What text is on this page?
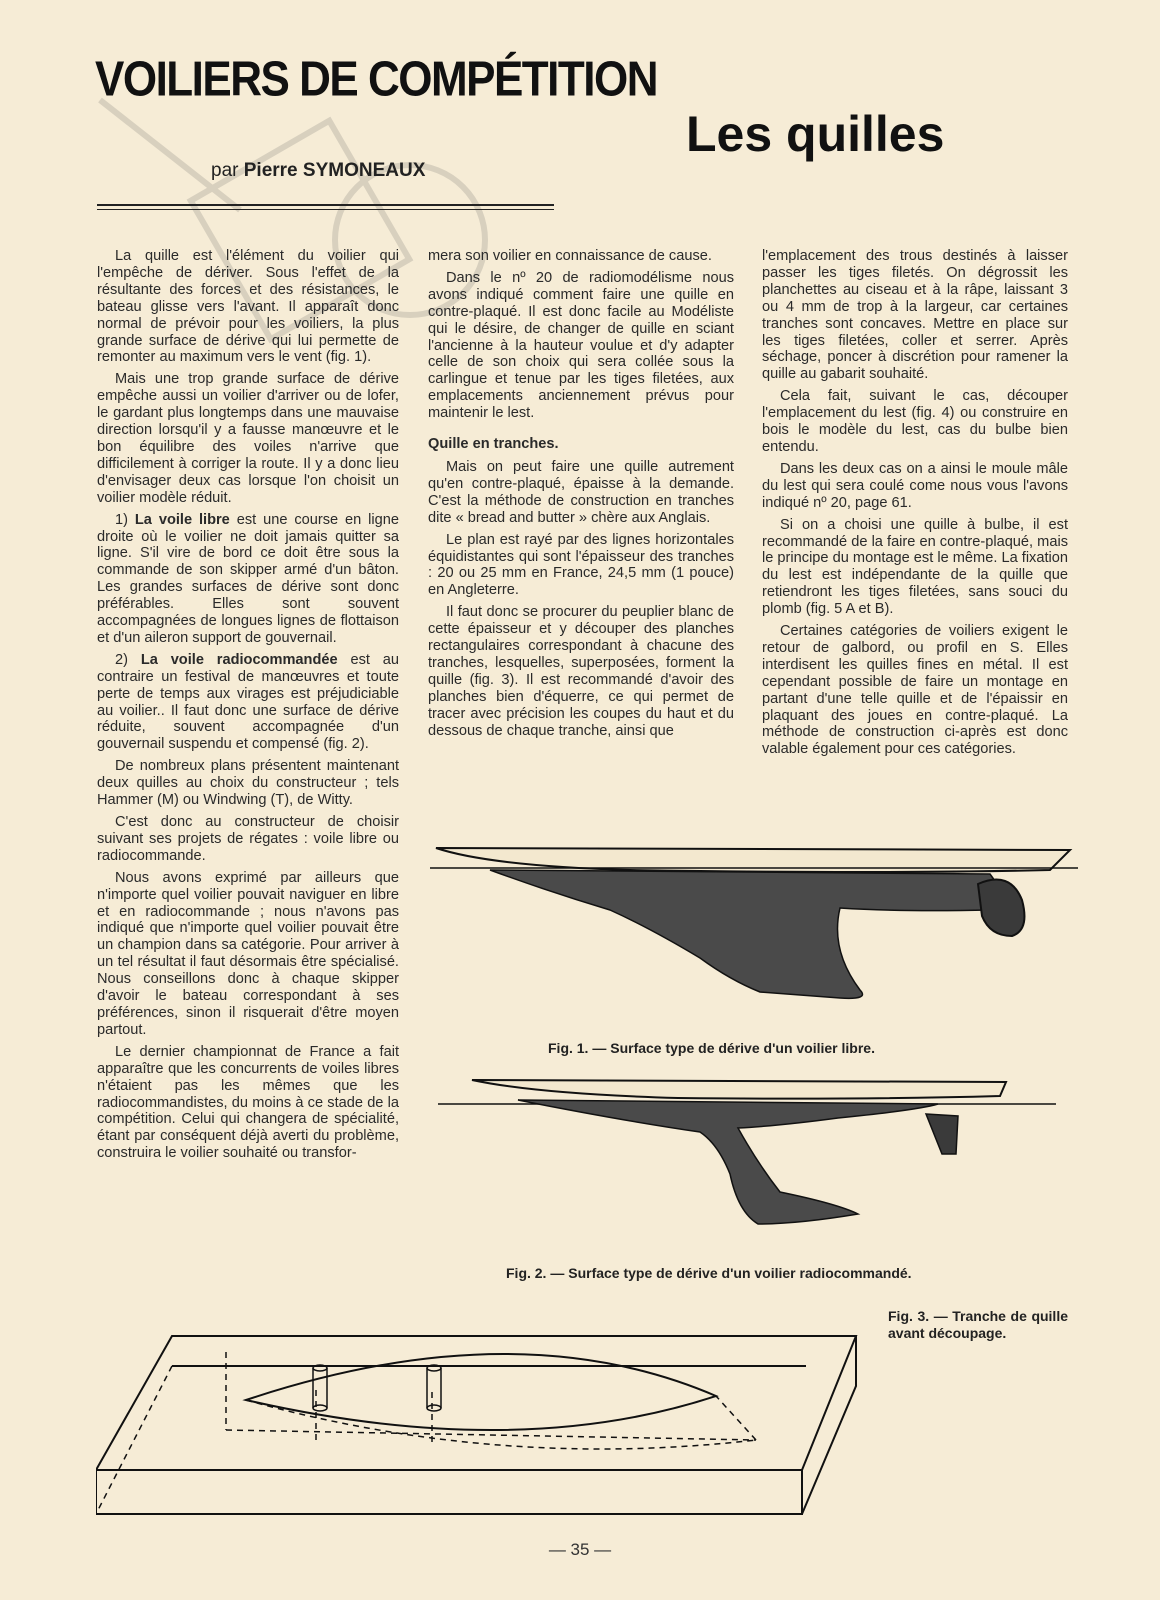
VOILIERS DE COMPÉTITION
par Pierre SYMONEAUX
Les quilles

La quille est l'élément du voilier qui l'empêche de dériver. Sous l'effet de la résultante des forces et des résistances, le bateau glisse vers l'avant. Il apparaît donc normal de prévoir pour les voiliers, la plus grande surface de dérive qui lui permette de remonter au maximum vers le vent (fig. 1).

Mais une trop grande surface de dérive empêche aussi un voilier d'arriver ou de lofer, le gardant plus longtemps dans une mauvaise direction lorsqu'il y a fausse manœuvre et le bon équilibre des voiles n'arrive que difficilement à corriger la route. Il y a donc lieu d'envisager deux cas lorsque l'on choisit un voilier modèle réduit.

1) La voile libre est une course en ligne droite où le voilier ne doit jamais quitter sa ligne. S'il vire de bord ce doit être sous la commande de son skipper armé d'un bâton. Les grandes surfaces de dérive sont donc préférables. Elles sont souvent accompagnées de longues lignes de flottaison et d'un aileron support de gouvernail.

2) La voile radiocommandée est au contraire un festival de manœuvres et toute perte de temps aux virages est préjudiciable au voilier.. Il faut donc une surface de dérive réduite, souvent accompagnée d'un gouvernail suspendu et compensé (fig. 2).

De nombreux plans présentent maintenant deux quilles au choix du constructeur ; tels Hammer (M) ou Windwing (T), de Witty.

C'est donc au constructeur de choisir suivant ses projets de régates : voile libre ou radiocommande.

Nous avons exprimé par ailleurs que n'importe quel voilier pouvait naviguer en libre et en radiocommande ; nous n'avons pas indiqué que n'importe quel voilier pouvait être un champion dans sa catégorie. Pour arriver à un tel résultat il faut désormais être spécialisé. Nous conseillons donc à chaque skipper d'avoir le bateau correspondant à ses préférences, sinon il risquerait d'être moyen partout.

Le dernier championnat de France a fait apparaître que les concurrents de voiles libres n'étaient pas les mêmes que les radiocommandistes, du moins à ce stade de la compétition. Celui qui changera de spécialité, étant par conséquent déjà averti du problème, construira le voilier souhaité ou transfor-

mera son voilier en connaissance de cause.

Dans le nº 20 de radiomodélisme nous avons indiqué comment faire une quille en contre-plaqué. Il est donc facile au Modéliste qui le désire, de changer de quille en sciant l'ancienne à la hauteur voulue et d'y adapter celle de son choix qui sera collée sous la carlingue et tenue par les tiges filetées, aux emplacements anciennement prévus pour maintenir le lest.

Quille en tranches.

Mais on peut faire une quille autrement qu'en contre-plaqué, épaisse à la demande. C'est la méthode de construction en tranches dite « bread and butter » chère aux Anglais.

Le plan est rayé par des lignes horizontales équidistantes qui sont l'épaisseur des tranches : 20 ou 25 mm en France, 24,5 mm (1 pouce) en Angleterre.

Il faut donc se procurer du peuplier blanc de cette épaisseur et y découper des planches rectangulaires correspondant à chacune des tranches, lesquelles, superposées, forment la quille (fig. 3). Il est recommandé d'avoir des planches bien d'équerre, ce qui permet de tracer avec précision les coupes du haut et du dessous de chaque tranche, ainsi que

l'emplacement des trous destinés à laisser passer les tiges filetés. On dégrossit les planchettes au ciseau et à la râpe, laissant 3 ou 4 mm de trop à la largeur, car certaines tranches sont concaves. Mettre en place sur les tiges filetées, coller et serrer. Après séchage, poncer à discrétion pour ramener la quille au gabarit souhaité.

Cela fait, suivant le cas, découper l'emplacement du lest (fig. 4) ou construire en bois le modèle du lest, cas du bulbe bien entendu.

Dans les deux cas on a ainsi le moule mâle du lest qui sera coulé come nous vous l'avons indiqué nº 20, page 61.

Si on a choisi une quille à bulbe, il est recommandé de la faire en contre-plaqué, mais le principe du montage est le même. La fixation du lest est indépendante de la quille que retiendront les tiges filetées, sans souci du plomb (fig. 5 A et B).

Certaines catégories de voiliers exigent le retour de galbord, ou profil en S. Elles interdisent les quilles fines en métal. Il est cependant possible de faire un montage en partant d'une telle quille et de l'épaissir en plaquant des joues en contre-plaqué. La méthode de construction ci-après est donc valable également pour ces catégories.

Fig. 1. — Surface type de dérive d'un voilier libre.
Fig. 2. — Surface type de dérive d'un voilier radiocommandé.
Fig. 3. — Tranche de quille avant découpage.
— 35 —
